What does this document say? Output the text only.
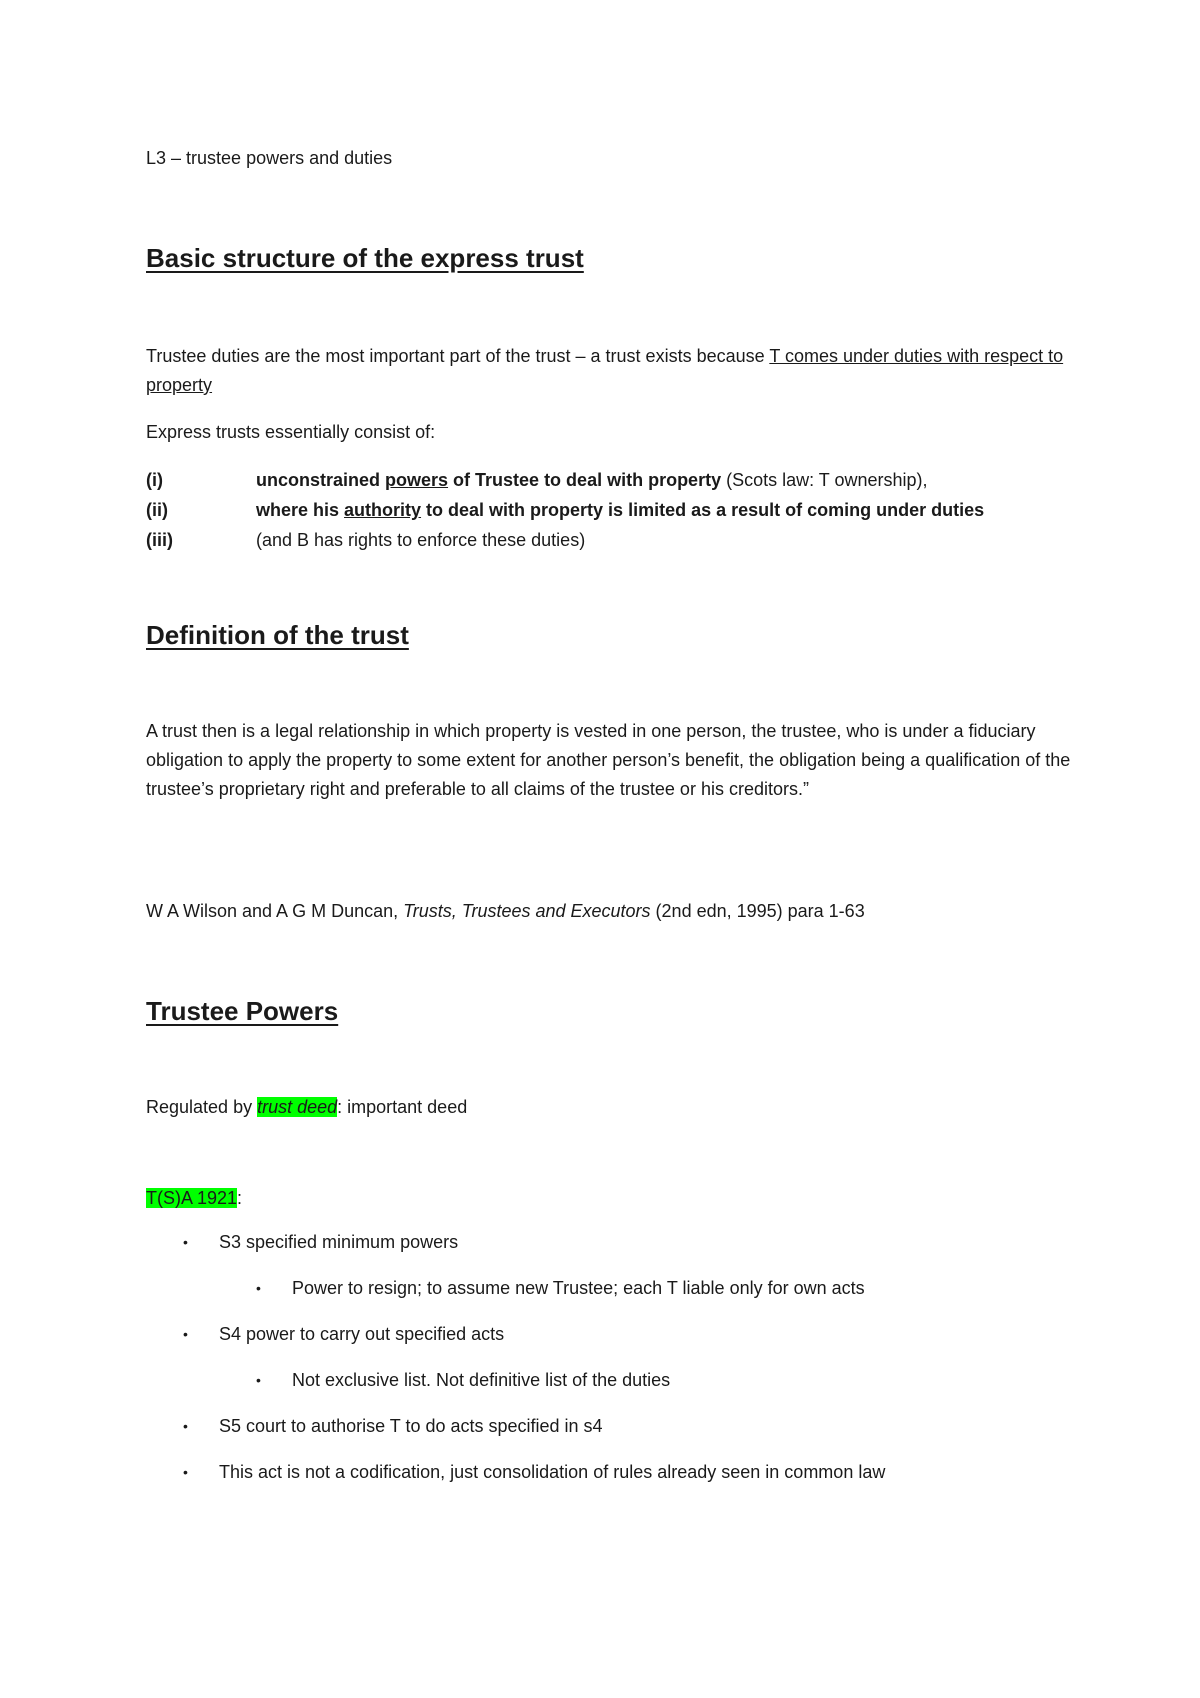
L3 – trustee powers and duties
Basic structure of the express trust
Trustee duties are the most important part of the trust – a trust exists because T comes under duties with respect to property
Express trusts essentially consist of:
(i)	unconstrained powers of Trustee to deal with property (Scots law: T ownership),
(ii)	where his authority to deal with property is limited as a result of coming under duties
(iii)	(and B has rights to enforce these duties)
Definition of the trust
A trust then is a legal relationship in which property is vested in one person, the trustee, who is under a fiduciary obligation to apply the property to some extent for another person’s benefit, the obligation being a qualification of the trustee’s proprietary right and preferable to all claims of the trustee or his creditors.”
W A Wilson and A G M Duncan, Trusts, Trustees and Executors (2nd edn, 1995) para 1-63
Trustee Powers
Regulated by trust deed: important deed
T(S)A 1921:
• S3 specified minimum powers
• Power to resign; to assume new Trustee; each T liable only for own acts
• S4 power to carry out specified acts
• Not exclusive list. Not definitive list of the duties
• S5 court to authorise T to do acts specified in s4
• This act is not a codification, just consolidation of rules already seen in common law
